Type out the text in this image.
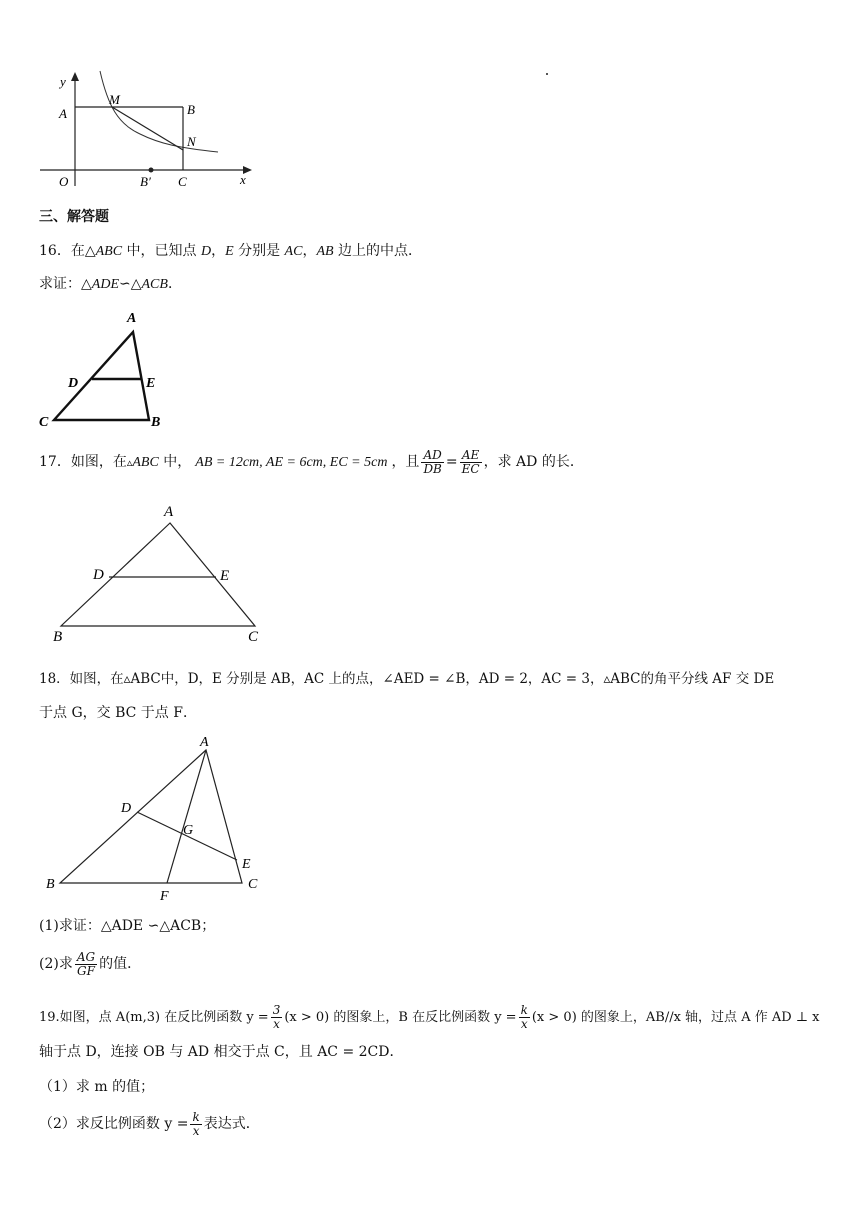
y
x
O
A
M
B
N
B′ C
三、解答题
16．在△ABC 中，已知点 D，E 分别是 AC，AB 边上的中点．
求证：△ADE∽△ACB．
A
D	E
C	B
17．如图，在▵ABC 中， AB = 12cm, AE = 6cm, EC = 5cm ，且 $\frac{AD}{DB} = \frac{AE}{EC}$ ，求 AD 的长．
A
D	E
B	C
18．如图，在▵ABC中，D，E 分别是 AB，AC 上的点，∠AED = ∠B，AD = 2，AC = 3，▵ABC的角平分线 AF 交 DE
于点 G，交 BC 于点 F．
A
D
G
E
B
F
C
(1)求证：△ADE ∽△ACB；
(2)求 $\frac{AG}{GF}$ 的值．
19.如图，点 A(m,3) 在反比例函数 $y = \frac{3}{x} (x > 0)$ 的图象上，B 在反比例函数 $y = \frac{k}{x} (x > 0)$ 的图象上，AB//x 轴，过点 A 作 AD ⊥ x
轴于点 D，连接 OB 与 AD 相交于点 C，且 AC = 2CD．
（1）求 m 的值；
（2）求反比例函数 $y = \frac{k}{x}$ 表达式．
